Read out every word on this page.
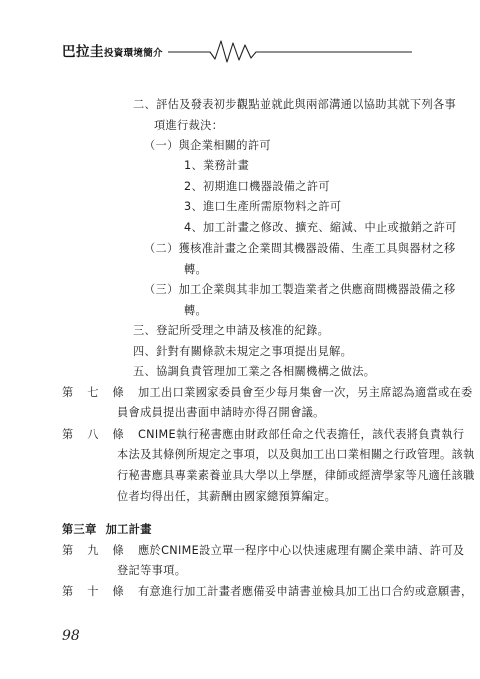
巴拉圭投資環境簡介
二、評估及發表初步觀點並就此與兩部溝通以協助其就下列各事
項進行裁決：
（一）與企業相關的許可
1、業務計畫
2、初期進口機器設備之許可
3、進口生產所需原物料之許可
4、加工計畫之修改、擴充、縮減、中止或撤銷之許可
（二）獲核准計畫之企業間其機器設備、生產工具與器材之移
轉。
（三）加工企業與其非加工製造業者之供應商間機器設備之移
轉。
三、登記所受理之申請及核准的紀錄。
四、針對有關條款未規定之事項提出見解。
五、協調負責管理加工業之各相關機構之做法。
第 七 條 加工出口業國家委員會至少每月集會一次，另主席認為適當或在委
員會成員提出書面申請時亦得召開會議。
第 八 條 CNIME執行秘書應由財政部任命之代表擔任，該代表將負責執行
本法及其條例所規定之事項，以及與加工出口業相關之行政管理。該執
行秘書應具專業素養並具大學以上學歷，律師或經濟學家等凡適任該職
位者均得出任，其薪酬由國家總預算編定。
第三章 加工計畫
第 九 條 應於CNIME設立單一程序中心以快速處理有關企業申請、許可及
登記等事項。
第 十 條 有意進行加工計畫者應備妥申請書並檢具加工出口合約或意願書，
98
